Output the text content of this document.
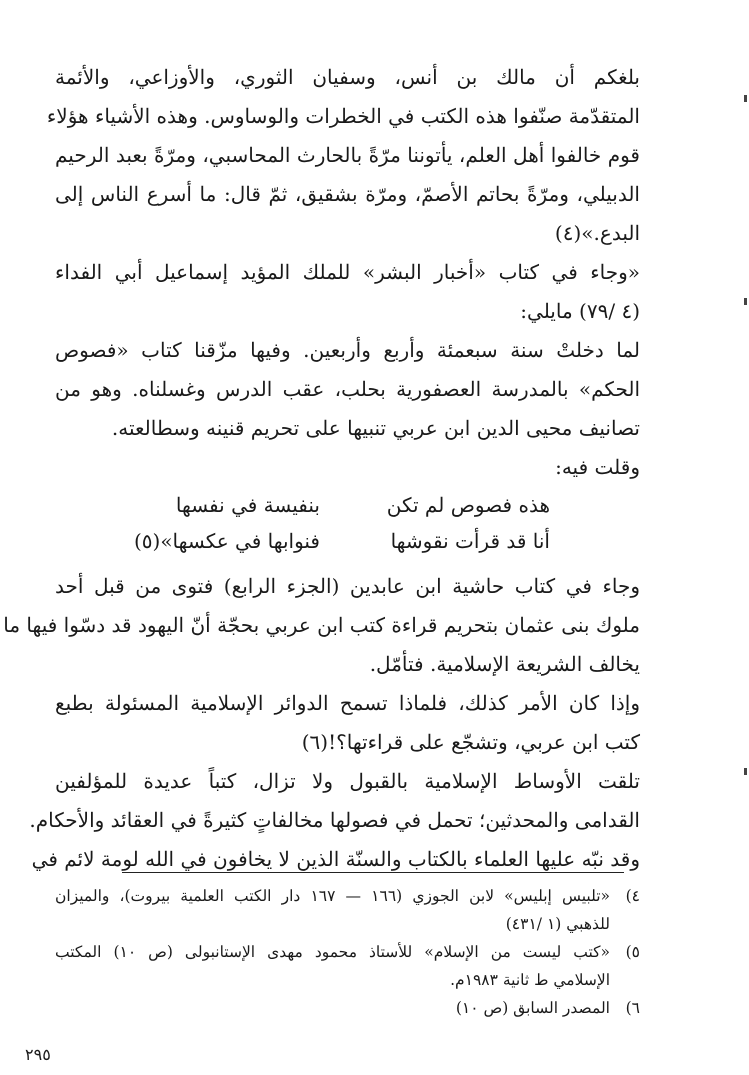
بلغكم أن مالك بن أنس، وسفيان الثوري، والأوزاعي، والأئمة
المتقدّمة صنّفوا هذه الكتب في الخطرات والوساوس. وهذه الأشياء هؤلاء
قوم خالفوا أهل العلم، يأتوننا مرّةً بالحارث المحاسبي، ومرّةً بعبد الرحيم
الدبيلي، ومرّةً بحاتم الأصمّ، ومرّة بشقيق، ثمّ قال: ما أسرع الناس إلى
البدع.»(٤)
«وجاء في كتاب «أخبار البشر» للملك المؤيد إسماعيل أبي الفداء
(٤ /٧٩) مايلي:
لما دخلتْ سنة سبعمئة وأربع وأربعين. وفيها مزّقنا كتاب «فصوص
الحكم» بالمدرسة العصفورية بحلب، عقب الدرس وغسلناه. وهو من
تصانيف محيى الدين ابن عربي تنبيها على تحريم قنينه وسطالعته.
وقلت فيه:
هذه فصوص لم تكن
بنفيسة في نفسها
أنا قد قرأت نقوشها
فنوابها في عكسها»(٥)
وجاء في كتاب حاشية ابن عابدين (الجزء الرابع) فتوى من قبل أحد
ملوك بنى عثمان بتحريم قراءة كتب ابن عربي بحجّة أنّ اليهود قد دسّوا فيها ما
يخالف الشريعة الإسلامية. فتأمّل.
وإذا كان الأمر كذلك، فلماذا تسمح الدوائر الإسلامية المسئولة بطبع
كتب ابن عربي، وتشجّع على قراءتها؟!(٦)
تلقت الأوساط الإسلامية بالقبول ولا تزال، كتباً عديدة للمؤلفين
القدامى والمحدثين؛ تحمل في فصولها مخالفاتٍ كثيرةً في العقائد والأحكام.
وقد نبّه عليها العلماء بالكتاب والسنّة الذين لا يخافون في الله لومة لائم في
٤)
«تلبيس إبليس» لابن الجوزي (١٦٦ — ١٦٧ دار الكتب العلمية بيروت)، والميزان
للذهبي (١ /٤٣١)
٥)
«كتب ليست من الإسلام» للأستاذ محمود مهدى الإستانبولى (ص ١٠) المكتب
الإسلامي ط ثانية ١٩٨٣م.
٦)
المصدر السابق (ص ١٠)
٢٩٥
